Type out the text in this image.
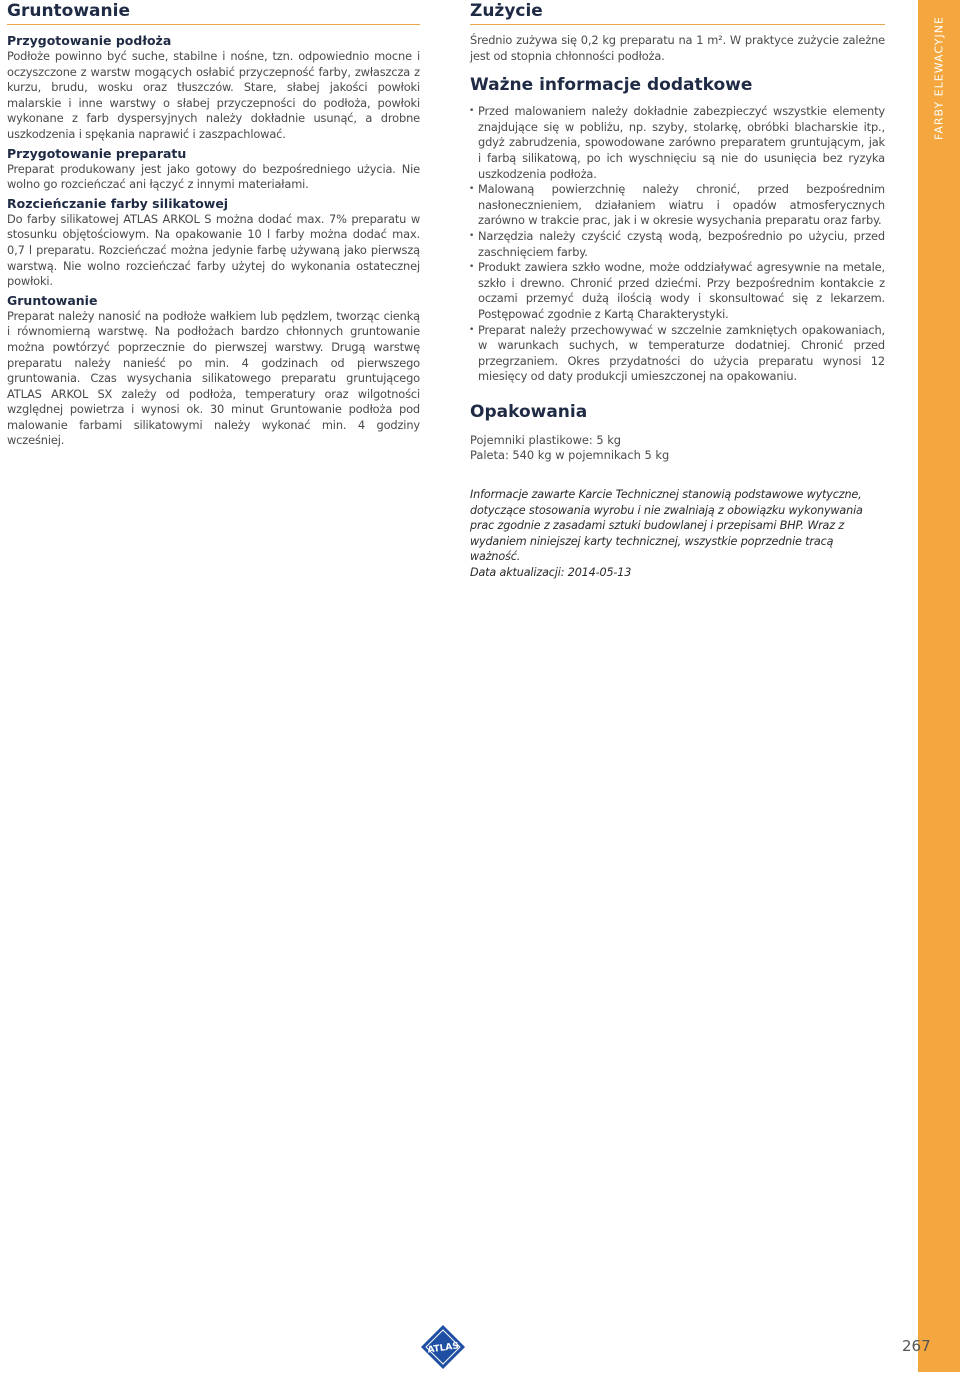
Gruntowanie
Przygotowanie podłoża

Podłoże powinno być suche, stabilne i nośne, tzn. odpowiednio mocne i oczyszczone z warstw mogących osłabić przyczepność farby, zwłaszcza z kurzu, brudu, wosku oraz tłuszczów. Stare, słabej jakości powłoki malarskie i inne warstwy o słabej przyczepności do podłoża, powłoki wykonane z farb dyspersyjnych należy dokładnie usunąć, a drobne uszkodzenia i spękania naprawić i zaszpachlować.

Przygotowanie preparatu

Preparat produkowany jest jako gotowy do bezpośredniego użycia. Nie wolno go rozcieńczać ani łączyć z innymi materiałami.

Rozcieńczanie farby silikatowej

Do farby silikatowej ATLAS ARKOL S można dodać max. 7% preparatu w stosunku objętościowym. Na opakowanie 10 l farby można dodać max. 0,7 l preparatu. Rozcieńczać można jedynie farbę używaną jako pierwszą warstwą. Nie wolno rozcieńczać farby użytej do wykonania ostatecznej powłoki.

Gruntowanie

Preparat należy nanosić na podłoże wałkiem lub pędzlem, tworząc cienką i równomierną warstwę. Na podłożach bardzo chłonnych gruntowanie można powtórzyć poprzecznie do pierwszej warstwy. Drugą warstwę preparatu należy nanieść po min. 4 godzinach od pierwszego gruntowania. Czas wysychania silikatowego preparatu gruntującego ATLAS ARKOL SX zależy od podłoża, temperatury oraz wilgotności względnej powietrza i wynosi ok. 30 minut Gruntowanie podłoża pod malowanie farbami silikatowymi należy wykonać min. 4 godziny wcześniej.

Zużycie

Średnio zużywa się 0,2 kg preparatu na 1 m². W praktyce zużycie zależne jest od stopnia chłonności podłoża.

Ważne informacje dodatkowe
• Przed malowaniem należy dokładnie zabezpieczyć wszystkie elementy znajdujące się w pobliżu, np. szyby, stolarkę, obróbki blacharskie itp., gdyż zabrudzenia, spowodowane zarówno preparatem gruntującym, jak i farbą silikatową, po ich wyschnięciu są nie do usunięcia bez ryzyka uszkodzenia podłoża.
• Malowaną powierzchnię należy chronić, przed bezpośrednim nasłonecznieniem, działaniem wiatru i opadów atmosferycznych zarówno w trakcie prac, jak i w okresie wysychania preparatu oraz farby.
• Narzędzia należy czyścić czystą wodą, bezpośrednio po użyciu, przed zaschnięciem farby.
• Produkt zawiera szkło wodne, może oddziaływać agresywnie na metale, szkło i drewno. Chronić przed dziećmi. Przy bezpośrednim kontakcie z oczami przemyć dużą ilością wody i skonsultować się z lekarzem. Postępować zgodnie z Kartą Charakterystyki.
• Preparat należy przechowywać w szczelnie zamkniętych opakowaniach, w warunkach suchych, w temperaturze dodatniej. Chronić przed przegrzaniem. Okres przydatności do użycia preparatu wynosi 12 miesięcy od daty produkcji umieszczonej na opakowaniu.
Opakowania

Pojemniki plastikowe: 5 kg

Paleta: 540 kg w pojemnikach 5 kg

Informacje zawarte Karcie Technicznej stanowią podstawowe wytyczne, dotyczące stosowania wyrobu i nie zwalniają z obowiązku wykonywania prac zgodnie z zasadami sztuki budowlanej i przepisami BHP. Wraz z wydaniem niniejszej karty technicznej, wszystkie poprzednie tracą ważność.

Data aktualizacji: 2014-05-13

FARBY ELEWACYJNE
ATLAS	267
